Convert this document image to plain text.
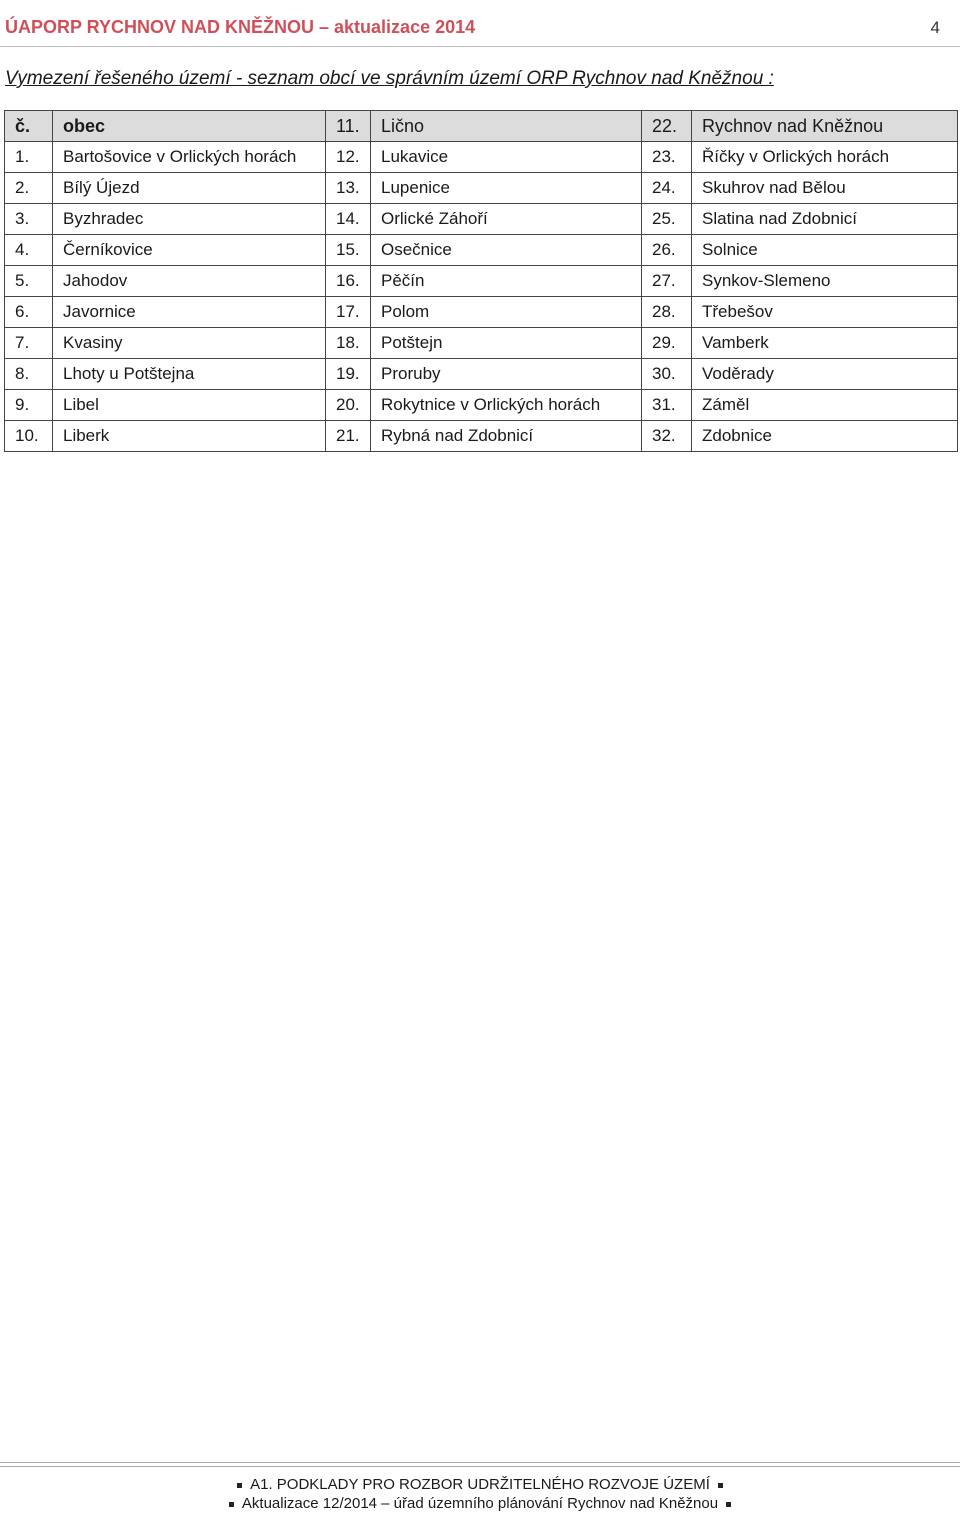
ÚAPORP RYCHNOV NAD KNĚŽNOU – aktualizace 2014	4
Vymezení řešeného území - seznam obcí ve správním území ORP Rychnov nad Kněžnou :
č.	obec	11.	Lično	22.	Rychnov nad Kněžnou
1.	Bartošovice v Orlických horách	12.	Lukavice	23.	Říčky v Orlických horách
2.	Bílý Újezd	13.	Lupenice	24.	Skuhrov nad Bělou
3.	Byzhradec	14.	Orlické Záhoří	25.	Slatina nad Zdobnicí
4.	Černíkovice	15.	Osečnice	26.	Solnice
5.	Jahodov	16.	Pěčín	27.	Synkov-Slemeno
6.	Javornice	17.	Polom	28.	Třebešov
7.	Kvasiny	18.	Potštejn	29.	Vamberk
8.	Lhoty u Potštejna	19.	Proruby	30.	Voděrady
9.	Libel	20.	Rokytnice v Orlických horách	31.	Záměl
10.	Liberk	21.	Rybná nad Zdobnicí	32.	Zdobnice
A1. PODKLADY PRO ROZBOR UDRŽITELNÉHO ROZVOJE ÚZEMÍ
Aktualizace 12/2014 – úřad územního plánování Rychnov nad Kněžnou
